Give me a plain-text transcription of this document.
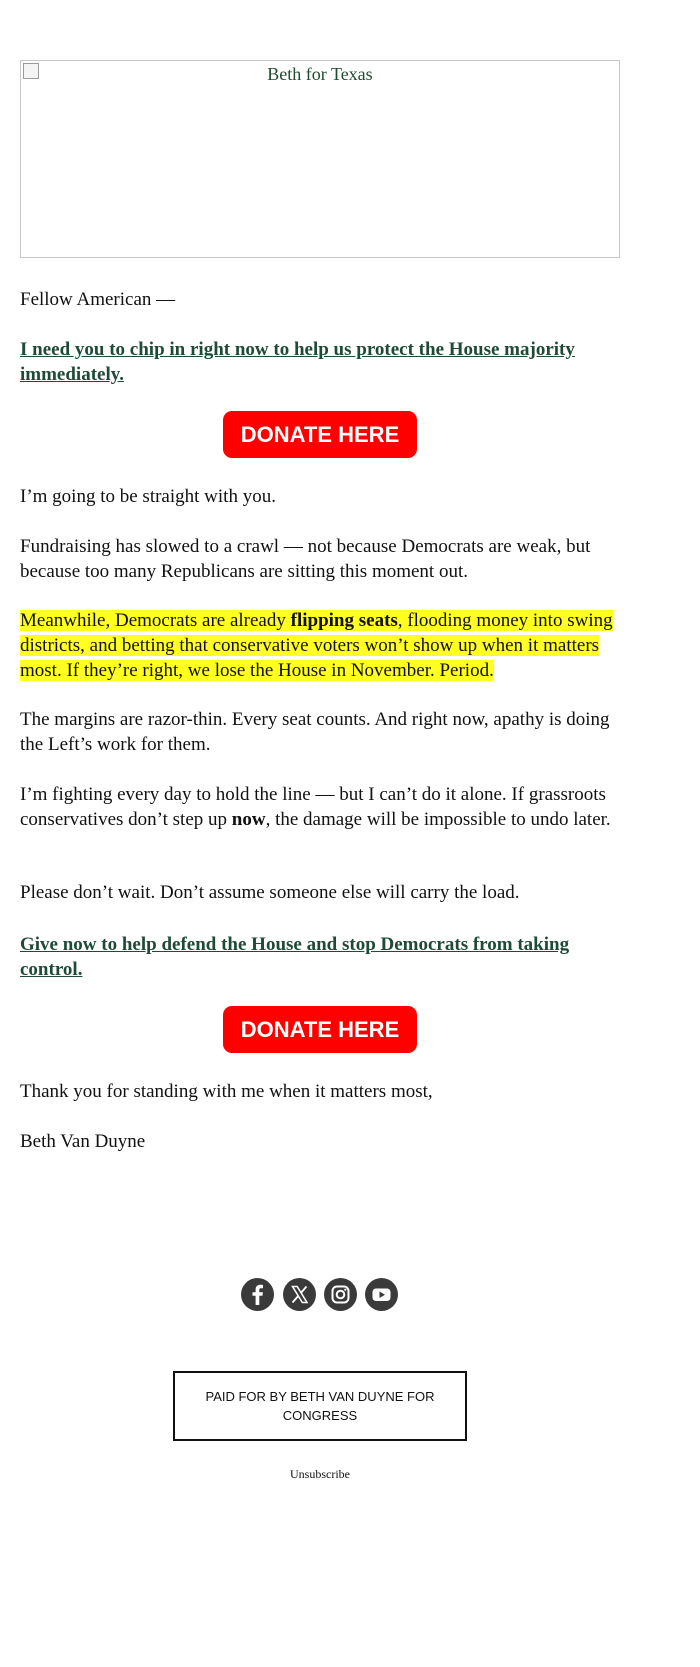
Beth for Texas

Fellow American —

I need you to chip in right now to help us protect the House majority immediately.
DONATE HERE

I’m going to be straight with you.

Fundraising has slowed to a crawl — not because Democrats are weak, but because too many Republicans are sitting this moment out.

Meanwhile, Democrats are already flipping seats, flooding money into swing districts, and betting that conservative voters won’t show up when it matters most. If they’re right, we lose the House in November. Period.

The margins are razor-thin. Every seat counts. And right now, apathy is doing the Left’s work for them.

I’m fighting every day to hold the line — but I can’t do it alone. If grassroots conservatives don’t step up now, the damage will be impossible to undo later.

Please don’t wait. Don’t assume someone else will carry the load.

Give now to help defend the House and stop Democrats from taking control.
DONATE HERE

Thank you for standing with me when it matters most,

Beth Van Duyne

PAID FOR BY BETH VAN DUYNE FOR CONGRESS
Unsubscribe
